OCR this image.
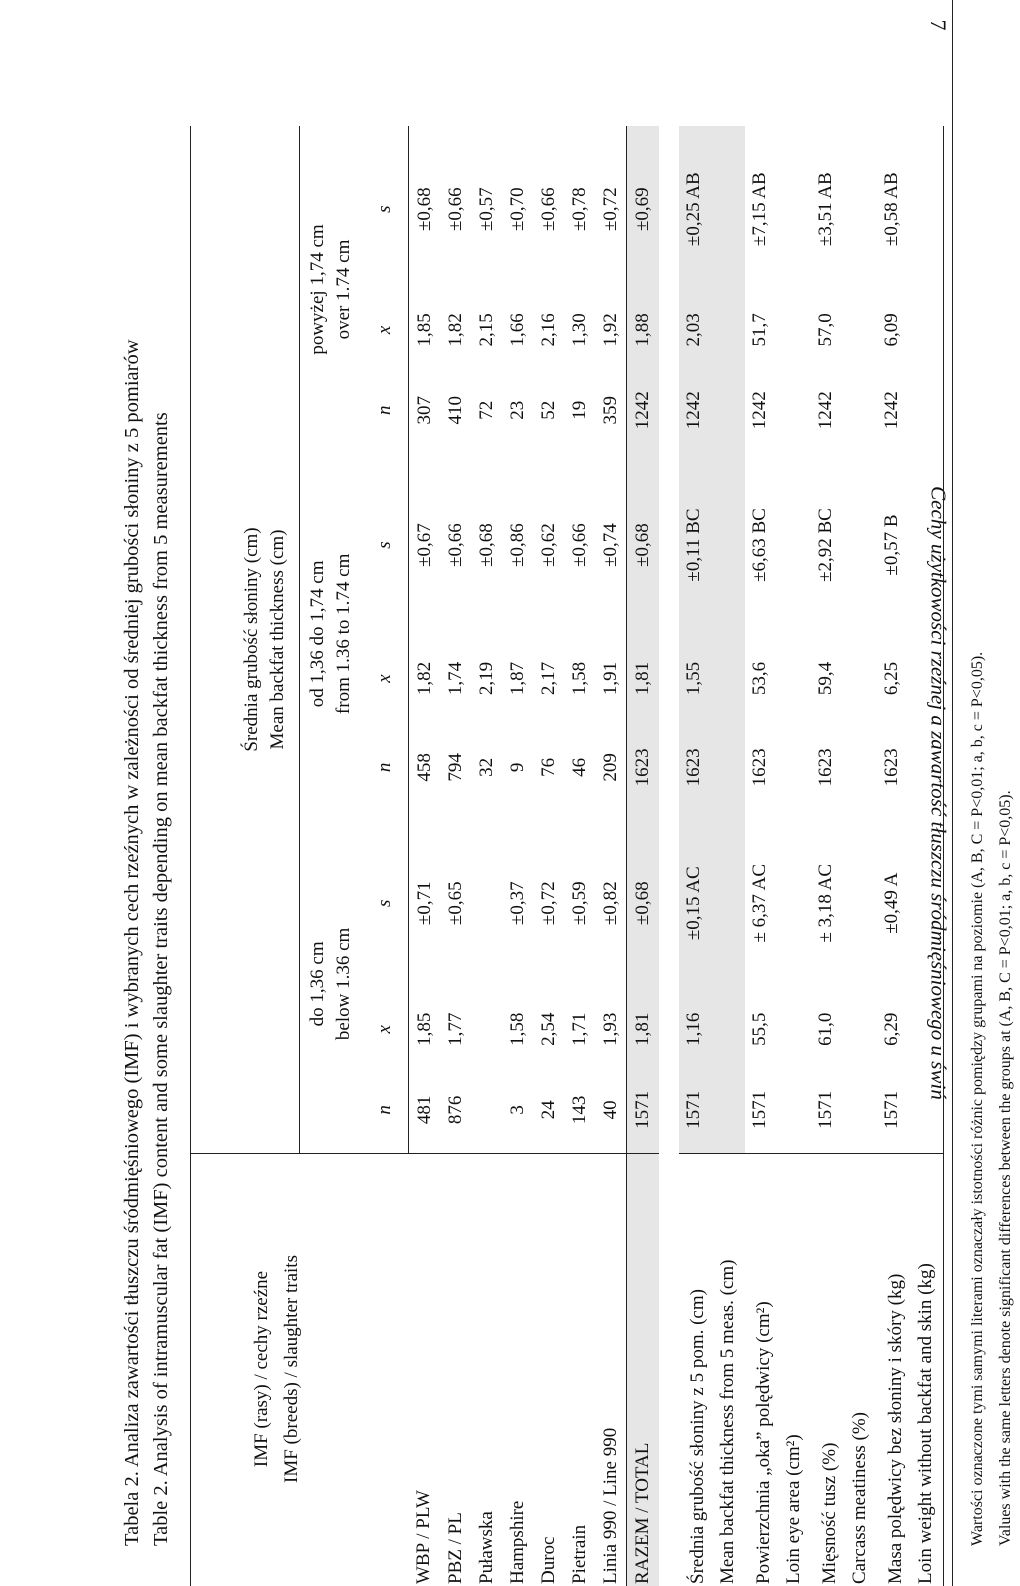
Cechy użytkowości rzeźnej a zawartość tłuszczu śródmięśniowego u świń
7
Tabela 2. Analiza zawartości tłuszczu śródmięśniowego (IMF) i wybranych cech rzeźnych w zależności od średniej grubości słoniny z 5 pomiarów Table 2. Analysis of intramuscular fat (IMF) content and some slaughter traits depending on mean backfat thickness from 5 measurements	IMF (rasy) / cechy rzeźne IMF (breeds) / slaughter traits	Średnia grubość słoniny (cm) Mean backfat thickness (cm)								

	do 1,36 cm below 1.36 cm			od 1,36 do 1,74 cm from 1.36 to 1.74 cm			powyżej 1,74 cm over 1.74 cm		

	n	x	s	n	x	s	n	x	s
WBP / PLW	481	1,85	±0,71	458	1,82	±0,67	307	1,85	±0,68
PBZ / PL	876	1,77	±0,65	794	1,74	±0,66	410	1,82	±0,66
Puławska				32	2,19	±0,68	72	2,15	±0,57
Hampshire	3	1,58	±0,37	9	1,87	±0,86	23	1,66	±0,70
Duroc	24	2,54	±0,72	76	2,17	±0,62	52	2,16	±0,66
Pietrain	143	1,71	±0,59	46	1,58	±0,66	19	1,30	±0,78
Linia 990 / Line 990	40	1,93	±0,82	209	1,91	±0,74	359	1,92	±0,72
RAZEM / TOTAL	1571	1,81	±0,68	1623	1,81	±0,68	1242	1,88	±0,69

Średnia grubość słoniny z 5 pom. (cm) Mean backfat thickness from 5 meas. (cm)	1571	1,16	±0,15 AC	1623	1,55	±0,11 BC	1242	2,03	±0,25 AB

Powierzchnia „oka” polędwicy (cm²) Loin eye area (cm²)	1571	55,5	± 6,37 AC	1623	53,6	±6,63 BC	1242	51,7	±7,15 AB

Mięsność tusz (%) Carcass meatiness (%)	1571	61,0	± 3,18 AC	1623	59,4	±2,92 BC	1242	57,0	±3,51 AB

Masa polędwicy bez słoniny i skóry (kg) Loin weight without backfat and skin (kg)	1571	6,29	±0,49 A	1623	6,25	±0,57 B	1242	6,09	±0,58 AB
Wartości oznaczone tymi samymi literami oznaczały istotności różnic pomiędzy grupami na poziomie (A, B, C = P<0,01; a, b, c = P<0,05). Values with the same letters denote significant differences between the groups at (A, B, C = P<0,01; a, b, c = P<0,05).
